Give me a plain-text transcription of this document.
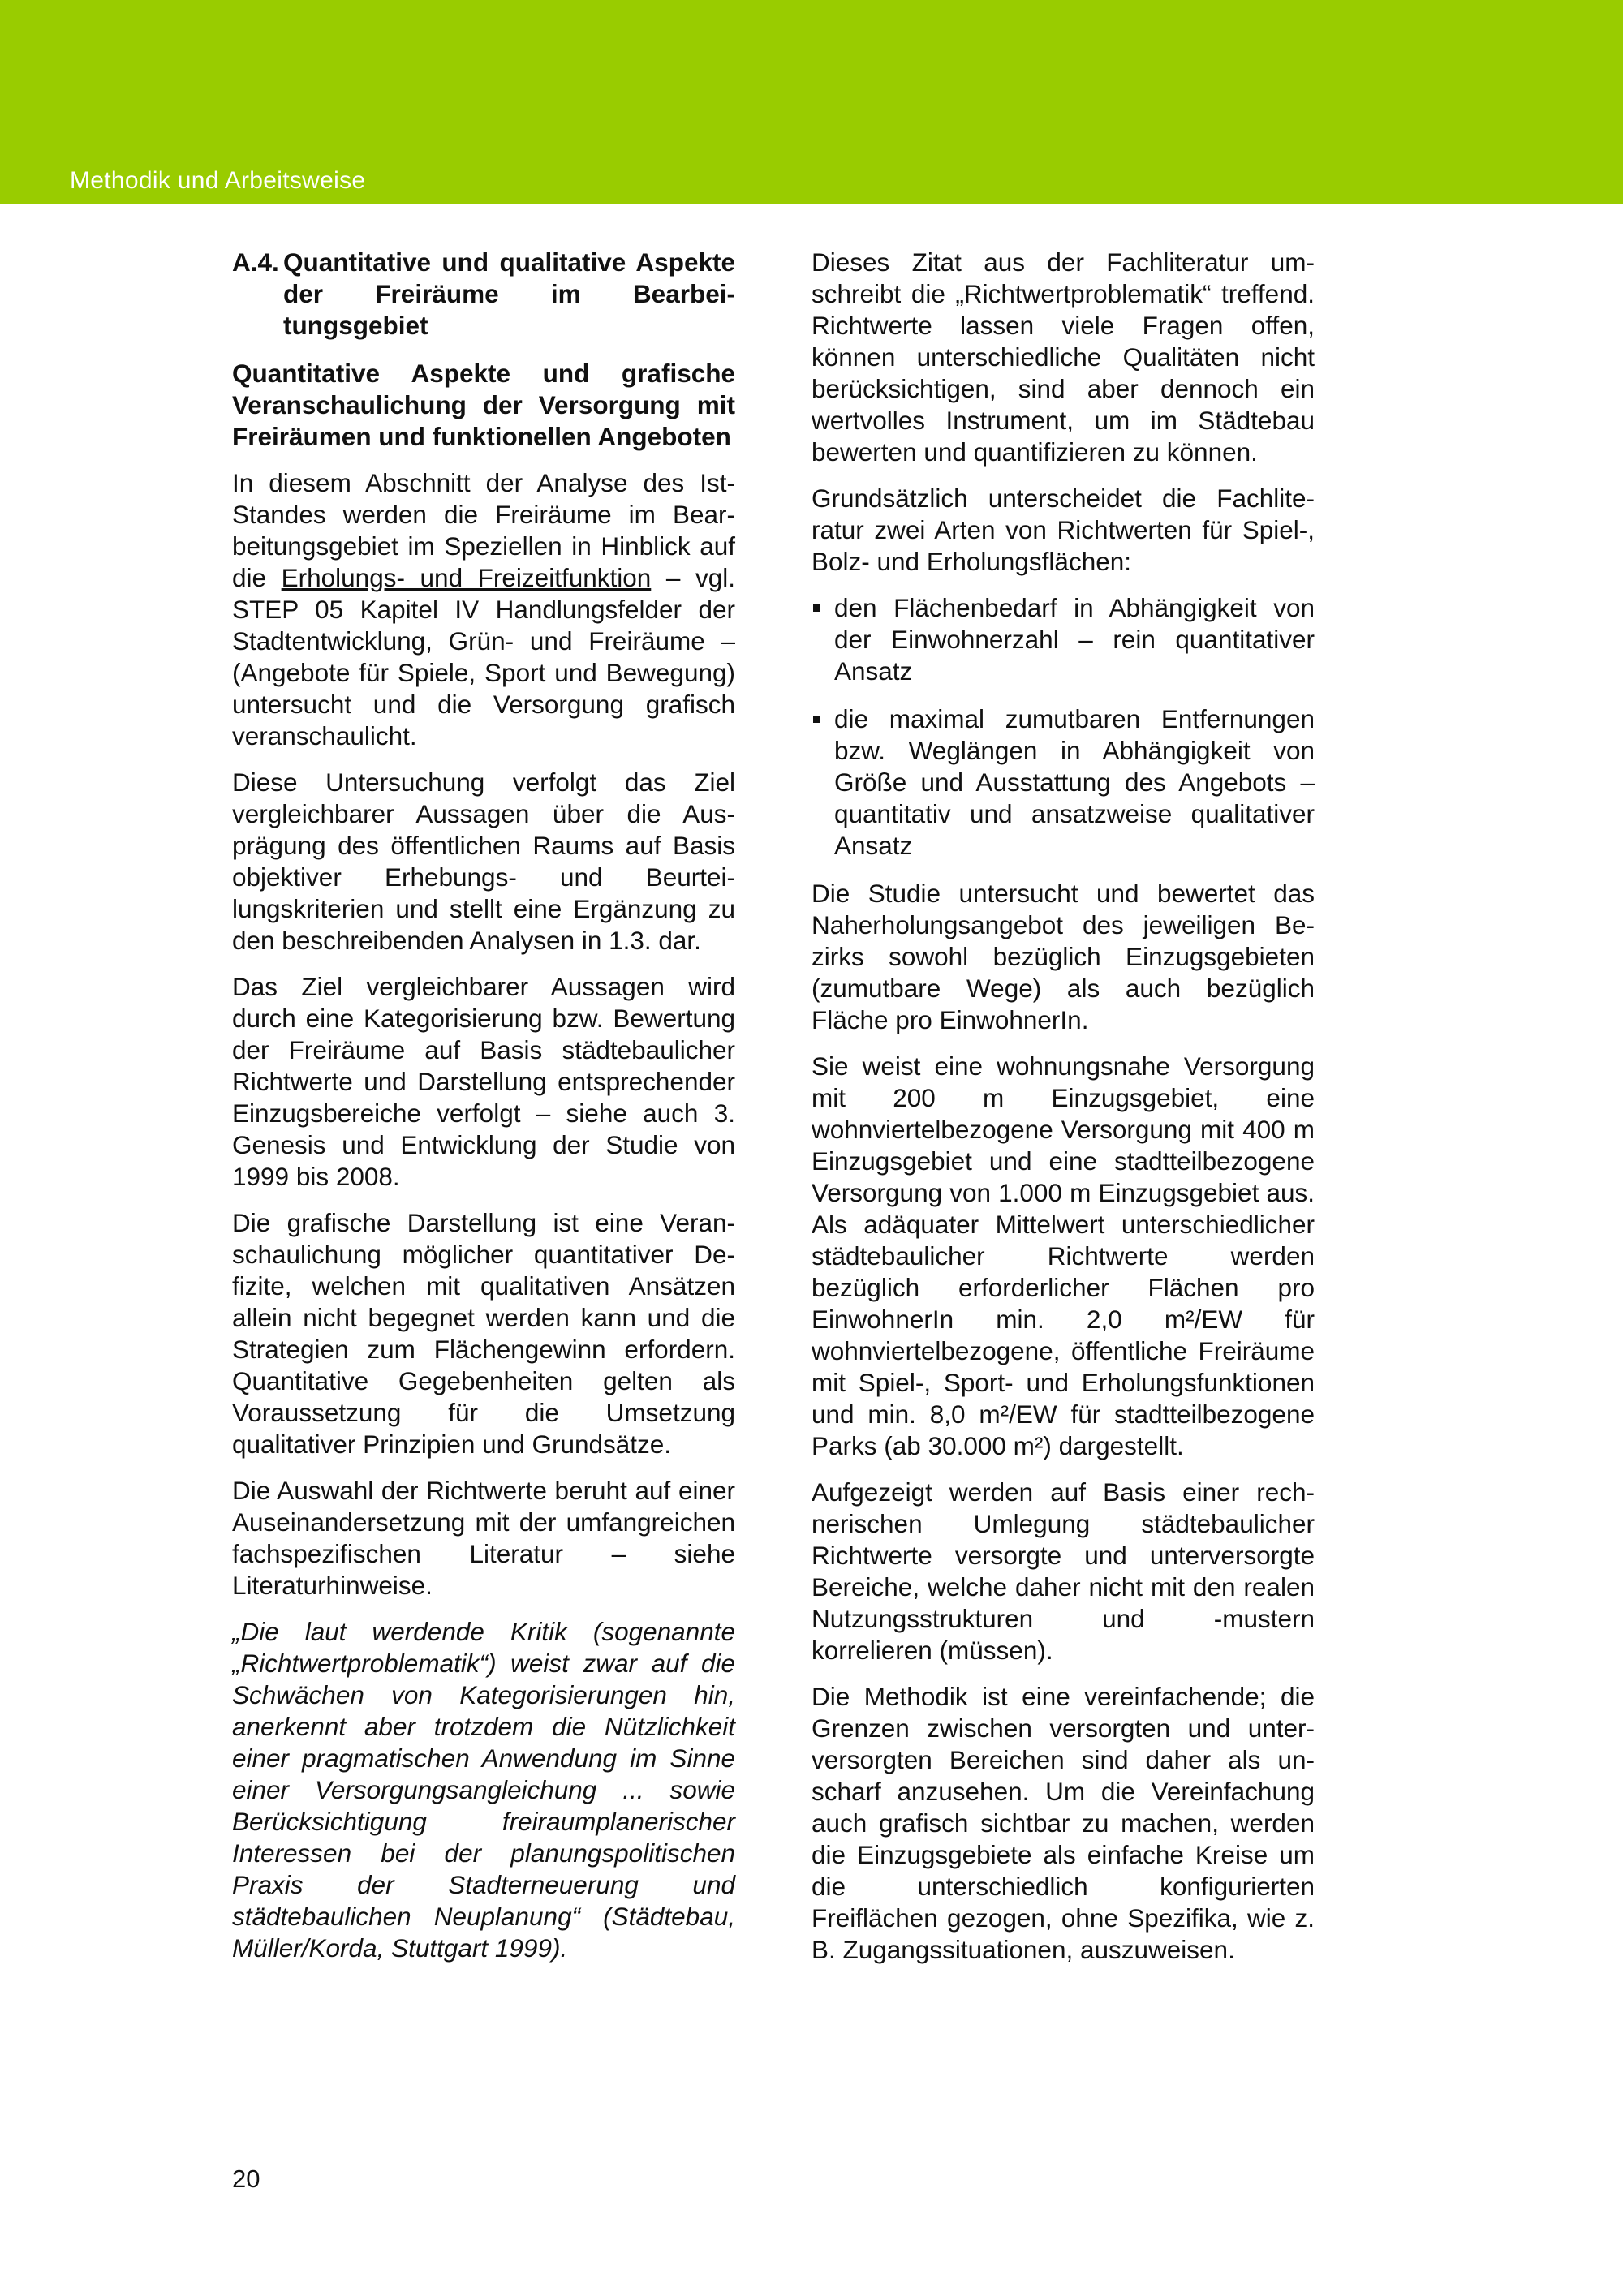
Methodik und Arbeitsweise
A.4. Quantitative und qualitative Aspekte der Freiräume im Bearbeitungsgebiet

Quantitative Aspekte und grafische Veranschaulichung der Versorgung mit Freiräumen und funktionellen Angeboten

In diesem Abschnitt der Analyse des Ist-Standes werden die Freiräume im Bearbeitungsgebiet im Speziellen in Hinblick auf die Erholungs- und Freizeitfunktion – vgl. STEP 05 Kapitel IV Handlungsfelder der Stadtentwicklung, Grün- und Freiräume – (Angebote für Spiele, Sport und Bewegung) untersucht und die Versorgung grafisch veranschaulicht.

Diese Untersuchung verfolgt das Ziel vergleichbarer Aussagen über die Ausprägung des öffentlichen Raums auf Basis objektiver Erhebungs- und Beurteilungskriterien und stellt eine Ergänzung zu den beschreibenden Analysen in 1.3. dar.

Das Ziel vergleichbarer Aussagen wird durch eine Kategorisierung bzw. Bewertung der Freiräume auf Basis städtebaulicher Richtwerte und Darstellung entsprechender Einzugsbereiche verfolgt – siehe auch 3. Genesis und Entwicklung der Studie von 1999 bis 2008.

Die grafische Darstellung ist eine Veranschaulichung möglicher quantitativer Defizite, welchen mit qualitativen Ansätzen allein nicht begegnet werden kann und die Strategien zum Flächengewinn erfordern. Quantitative Gegebenheiten gelten als Voraussetzung für die Umsetzung qualitativer Prinzipien und Grundsätze.

Die Auswahl der Richtwerte beruht auf einer Auseinandersetzung mit der umfangreichen fachspezifischen Literatur – siehe Literaturhinweise.

„Die laut werdende Kritik (sogenannte „Richtwertproblematik“) weist zwar auf die Schwächen von Kategorisierungen hin, anerkennt aber trotzdem die Nützlichkeit einer pragmatischen Anwendung im Sinne einer Versorgungsangleichung ... sowie Berücksichtigung freiraumplanerischer Interessen bei der planungspolitischen Praxis der Stadterneuerung und städtebaulichen Neuplanung“ (Städtebau, Müller/Korda, Stuttgart 1999).

Dieses Zitat aus der Fachliteratur umschreibt die „Richtwertproblematik“ treffend. Richtwerte lassen viele Fragen offen, können unterschiedliche Qualitäten nicht berücksichtigen, sind aber dennoch ein wertvolles Instrument, um im Städtebau bewerten und quantifizieren zu können.

Grundsätzlich unterscheidet die Fachliteratur zwei Arten von Richtwerten für Spiel-, Bolz- und Erholungsflächen:

den Flächenbedarf in Abhängigkeit von der Einwohnerzahl – rein quantitativer Ansatz
die maximal zumutbaren Entfernungen bzw. Weglängen in Abhängigkeit von Größe und Ausstattung des Angebots – quantitativ und ansatzweise qualitativer Ansatz

Die Studie untersucht und bewertet das Naherholungsangebot des jeweiligen Bezirks sowohl bezüglich Einzugsgebieten (zumutbare Wege) als auch bezüglich Fläche pro EinwohnerIn.

Sie weist eine wohnungsnahe Versorgung mit 200 m Einzugsgebiet, eine wohnviertelbezogene Versorgung mit 400 m Einzugsgebiet und eine stadtteilbezogene Versorgung von 1.000 m Einzugsgebiet aus. Als adäquater Mittelwert unterschiedlicher städtebaulicher Richtwerte werden bezüglich erforderlicher Flächen pro EinwohnerIn min. 2,0 m²/EW für wohnviertelbezogene, öffentliche Freiräume mit Spiel-, Sport- und Erholungsfunktionen und min. 8,0 m²/EW für stadtteilbezogene Parks (ab 30.000 m²) dargestellt.

Aufgezeigt werden auf Basis einer rechnerischen Umlegung städtebaulicher Richtwerte versorgte und unterversorgte Bereiche, welche daher nicht mit den realen Nutzungsstrukturen und -mustern korrelieren (müssen).

Die Methodik ist eine vereinfachende; die Grenzen zwischen versorgten und unterversorgten Bereichen sind daher als unscharf anzusehen. Um die Vereinfachung auch grafisch sichtbar zu machen, werden die Einzugsgebiete als einfache Kreise um die unterschiedlich konfigurierten Freiflächen gezogen, ohne Spezifika, wie z. B. Zugangssituationen, auszuweisen.

20
